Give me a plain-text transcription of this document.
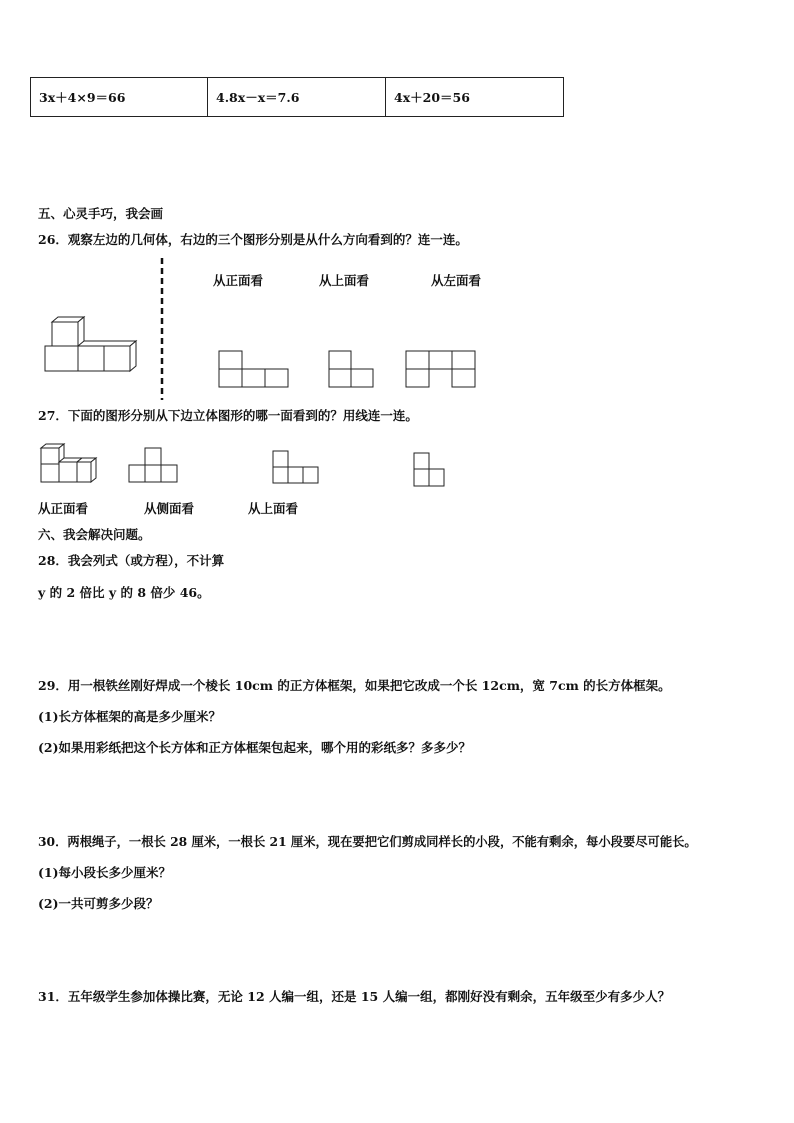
3x＋4×9＝66	4.8x－x＝7.6	4x＋20＝56
五、心灵手巧，我会画
26．观察左边的几何体，右边的三个图形分别是从什么方向看到的？连一连。
从正面看	从上面看	从左面看
27．下面的图形分别从下边立体图形的哪一面看到的？用线连一连。
从正面看	从侧面看	从上面看
六、我会解决问题。
28．我会列式（或方程），不计算
y 的 2 倍比 y 的 8 倍少 46。
29．用一根铁丝刚好焊成一个棱长 10cm 的正方体框架，如果把它改成一个长 12cm，宽 7cm 的长方体框架。
(1)长方体框架的高是多少厘米？
(2)如果用彩纸把这个长方体和正方体框架包起来，哪个用的彩纸多？多多少？
30．两根绳子，一根长 28 厘米，一根长 21 厘米，现在要把它们剪成同样长的小段，不能有剩余，每小段要尽可能长。
(1)每小段长多少厘米？
(2)一共可剪多少段？
31．五年级学生参加体操比赛，无论 12 人编一组，还是 15 人编一组，都刚好没有剩余，五年级至少有多少人？
